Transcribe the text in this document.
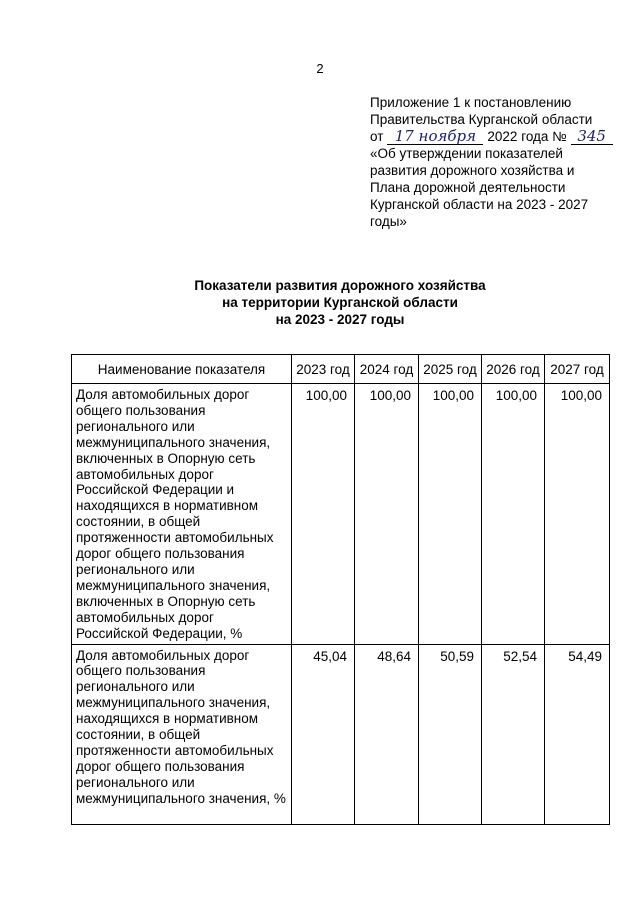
2
Приложение 1 к постановлению
Правительства Курганской области
от 17 ноября 2022 года № 345
«Об утверждении показателей
развития дорожного хозяйства и
Плана дорожной деятельности
Курганской области на 2023 - 2027
годы»
Показатели развития дорожного хозяйства
на территории Курганской области
на 2023 - 2027 годы
Наименование показателя	2023 год	2024 год	2025 год	2026 год	2027 год
Доля автомобильных дорог общего пользования регионального или межмуниципального значения, включенных в Опорную сеть автомобильных дорог Российской Федерации и находящихся в нормативном состоянии, в общей протяженности автомобильных дорог общего пользования регионального или межмуниципального значения, включенных в Опорную сеть автомобильных дорог Российской Федерации, %	100,00	100,00	100,00	100,00	100,00
Доля автомобильных дорог общего пользования регионального или межмуниципального значения, находящихся в нормативном состоянии, в общей протяженности автомобильных дорог общего пользования регионального или межмуниципального значения, %	45,04	48,64	50,59	52,54	54,49
